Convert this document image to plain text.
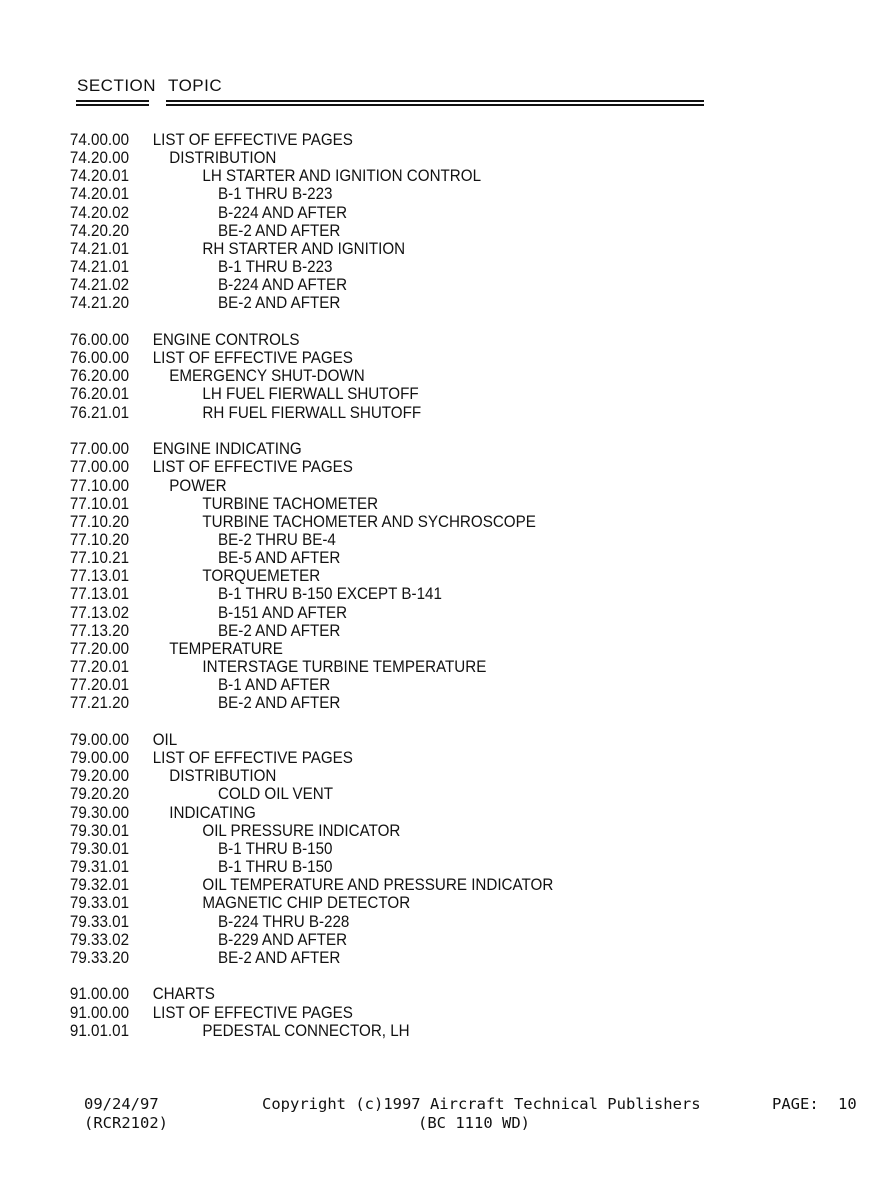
SECTION TOPIC
74.00.00	LIST OF EFFECTIVE PAGES
74.20.00	DISTRIBUTION
74.20.01	LH STARTER AND IGNITION CONTROL
74.20.01	B-1 THRU B-223
74.20.02	B-224 AND AFTER
74.20.20	BE-2 AND AFTER
74.21.01	RH STARTER AND IGNITION
74.21.01	B-1 THRU B-223
74.21.02	B-224 AND AFTER
74.21.20	BE-2 AND AFTER
76.00.00	ENGINE CONTROLS
76.00.00	LIST OF EFFECTIVE PAGES
76.20.00	EMERGENCY SHUT-DOWN
76.20.01	LH FUEL FIERWALL SHUTOFF
76.21.01	RH FUEL FIERWALL SHUTOFF
77.00.00	ENGINE INDICATING
77.00.00	LIST OF EFFECTIVE PAGES
77.10.00	POWER
77.10.01	TURBINE TACHOMETER
77.10.20	TURBINE TACHOMETER AND SYCHROSCOPE
77.10.20	BE-2 THRU BE-4
77.10.21	BE-5 AND AFTER
77.13.01	TORQUEMETER
77.13.01	B-1 THRU B-150 EXCEPT B-141
77.13.02	B-151 AND AFTER
77.13.20	BE-2 AND AFTER
77.20.00	TEMPERATURE
77.20.01	INTERSTAGE TURBINE TEMPERATURE
77.20.01	B-1 AND AFTER
77.21.20	BE-2 AND AFTER
79.00.00	OIL
79.00.00	LIST OF EFFECTIVE PAGES
79.20.00	DISTRIBUTION
79.20.20	COLD OIL VENT
79.30.00	INDICATING
79.30.01	OIL PRESSURE INDICATOR
79.30.01	B-1 THRU B-150
79.31.01	B-1 THRU B-150
79.32.01	OIL TEMPERATURE AND PRESSURE INDICATOR
79.33.01	MAGNETIC CHIP DETECTOR
79.33.01	B-224 THRU B-228
79.33.02	B-229 AND AFTER
79.33.20	BE-2 AND AFTER
91.00.00	CHARTS
91.00.00	LIST OF EFFECTIVE PAGES
91.01.01	PEDESTAL CONNECTOR, LH
09/24/97
(RCR2102)
Copyright (c)1997 Aircraft Technical Publishers
(BC 1110 WD)
PAGE: 10
